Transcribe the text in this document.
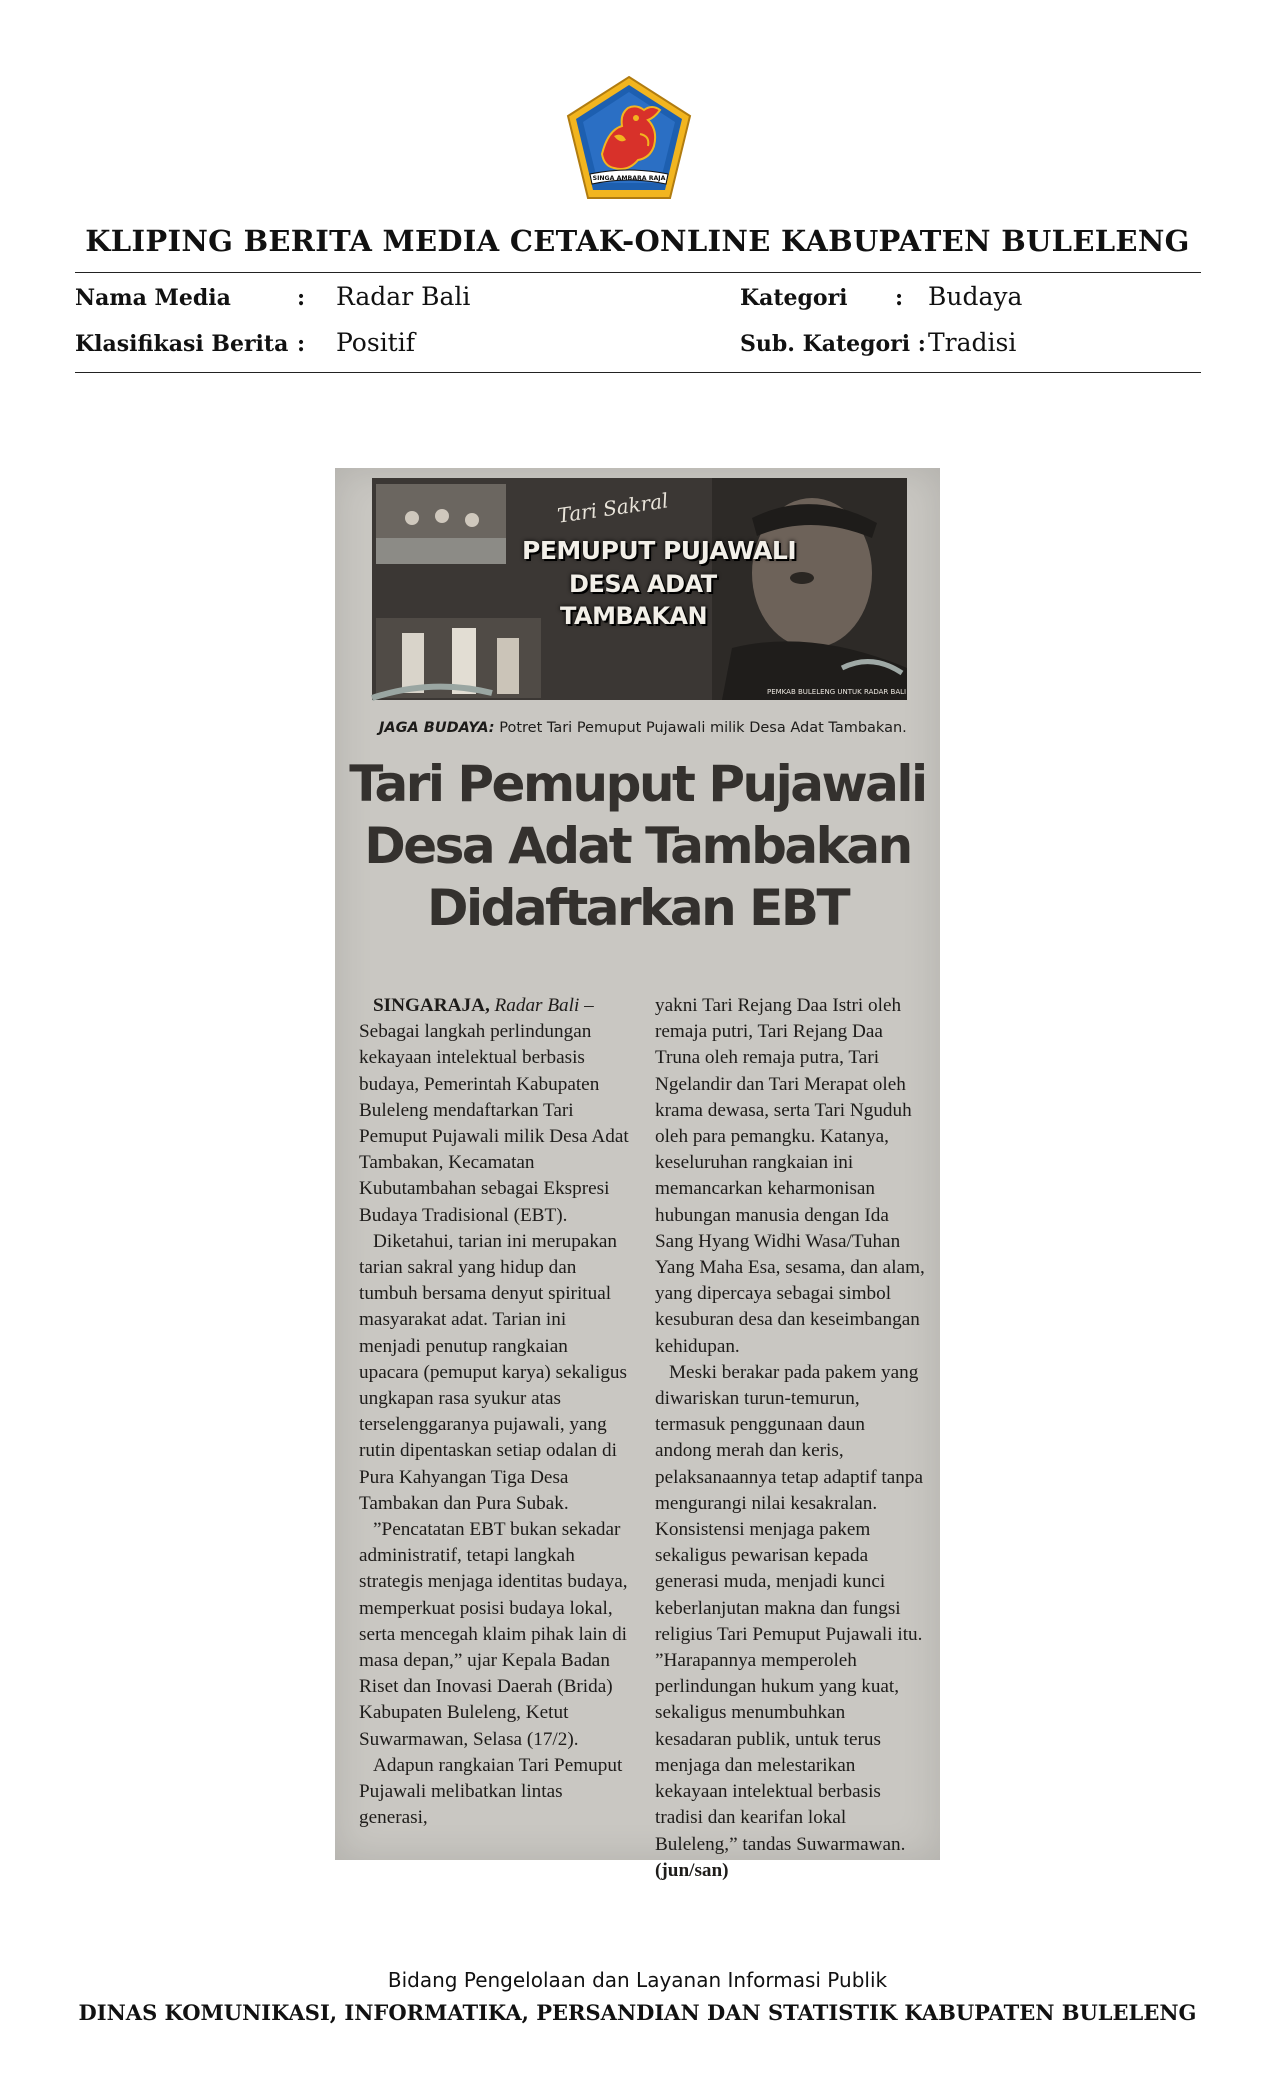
SINGA AMBARA RAJA
KLIPING BERITA MEDIA CETAK-ONLINE KABUPATEN BULELENG
Nama Media	: Radar Bali	Kategori : Budaya
Klasifikasi Berita : Positif	Sub. Kategori : Tradisi
Tari Sakral
PEMUPUT PUJAWALI
DESA ADAT
TAMBAKAN
PEMKAB BULELENG UNTUK RADAR BALI
JAGA BUDAYA: Potret Tari Pemuput Pujawali milik Desa Adat Tambakan.
Tari Pemuput Pujawali
Desa Adat Tambakan
Didaftarkan EBT

SINGARAJA, Radar Bali – Sebagai langkah perlindungan kekayaan intelektual berbasis budaya, Pemerintah Kabupaten Buleleng mendaftarkan Tari Pemuput Pujawali milik Desa Adat Tambakan, Kecamatan Kubutambahan sebagai Ekspresi Budaya Tradisional (EBT).

Diketahui, tarian ini merupakan tarian sakral yang hidup dan tumbuh bersama denyut spiritual masyarakat adat. Tarian ini menjadi penutup rangkaian upacara (pemuput karya) sekaligus ungkapan rasa syukur atas terselenggaranya pujawali, yang rutin dipentaskan setiap odalan di Pura Kahyangan Tiga Desa Tambakan dan Pura Subak.

”Pencatatan EBT bukan sekadar administratif, tetapi langkah strategis menjaga identitas budaya, memperkuat posisi budaya lokal, serta mencegah klaim pihak lain di masa depan,” ujar Kepala Badan Riset dan Inovasi Daerah (Brida) Kabupaten Buleleng, Ketut Suwarmawan, Selasa (17/2).

Adapun rangkaian Tari Pemuput Pujawali melibatkan lintas generasi,

yakni Tari Rejang Daa Istri oleh remaja putri, Tari Rejang Daa Truna oleh remaja putra, Tari Ngelandir dan Tari Merapat oleh krama dewasa, serta Tari Nguduh oleh para pemangku. Katanya, keseluruhan rangkaian ini memancarkan keharmonisan hubungan manusia dengan Ida Sang Hyang Widhi Wasa/Tuhan Yang Maha Esa, sesama, dan alam, yang dipercaya sebagai simbol kesuburan desa dan keseimbangan kehidupan.

Meski berakar pada pakem yang diwariskan turun-temurun, termasuk penggunaan daun andong merah dan keris, pelaksanaannya tetap adaptif tanpa mengurangi nilai kesakralan. Konsistensi menjaga pakem sekaligus pewarisan kepada generasi muda, menjadi kunci keberlanjutan makna dan fungsi religius Tari Pemuput Pujawali itu. ”Harapannya memperoleh perlindungan hukum yang kuat, sekaligus menumbuhkan kesadaran publik, untuk terus menjaga dan melestarikan kekayaan intelektual berbasis tradisi dan kearifan lokal Buleleng,” tandas Suwarmawan. (jun/san)

Bidang Pengelolaan dan Layanan Informasi Publik
DINAS KOMUNIKASI, INFORMATIKA, PERSANDIAN DAN STATISTIK KABUPATEN BULELENG
